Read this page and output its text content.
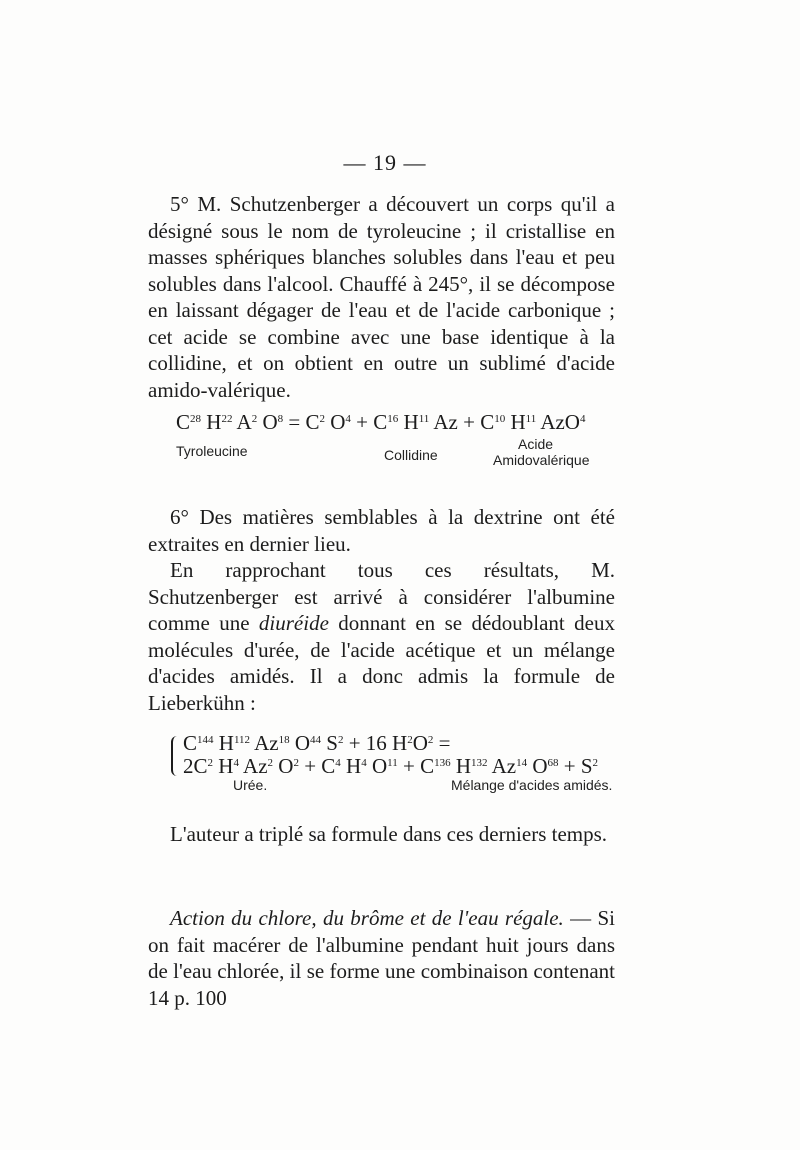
— 19 —

5° M. Schutzenberger a découvert un corps qu'il a désigné sous le nom de tyroleucine ; il cristallise en masses sphériques blanches solubles dans l'eau et peu solubles dans l'alcool. Chauffé à 245°, il se décompose en laissant dégager de l'eau et de l'acide carbonique ; cet acide se combine avec une base identique à la collidine, et on obtient en outre un sublimé d'acide amido-valérique.

$C^{28}$ $H^{22}$ $A^2$ $O^8 = C^2$ $O^4 + C^{16}$ $H^{11}$ $Az + C^{10}$ $H^{11}$ AzO$^4$
Tyroleucine	Collidine
Acide
Amidovalérique

6° Des matières semblables à la dextrine ont été extraites en dernier lieu.

En rapprochant tous ces résultats, M. Schutzenberger est arrivé à considérer l'albumine comme une diuréide donnant en se dédoublant deux molécules d'urée, de l'acide acétique et un mélange d'acides amidés. Il a donc admis la formule de Lieberkühn :

$C^{144}$ $H^{112}$ Az$^{18}$ $O^{44}$ $S^2 + 16$ $H^2O^2$ =
$2C^2$ $H^4$ Az$^2$ $O^2 + C^4$ $H^4$ $O^{11} + C^{136}$ $H^{132}$ Az$^{14}$ $O^{68} + S^2$
Urée.	Mélange d'acides amidés.

L'auteur a triplé sa formule dans ces derniers temps.

Action du chlore, du brôme et de l'eau régale. — Si on fait macérer de l'albumine pendant huit jours dans de l'eau chlorée, il se forme une combinaison contenant 14 p. 100
